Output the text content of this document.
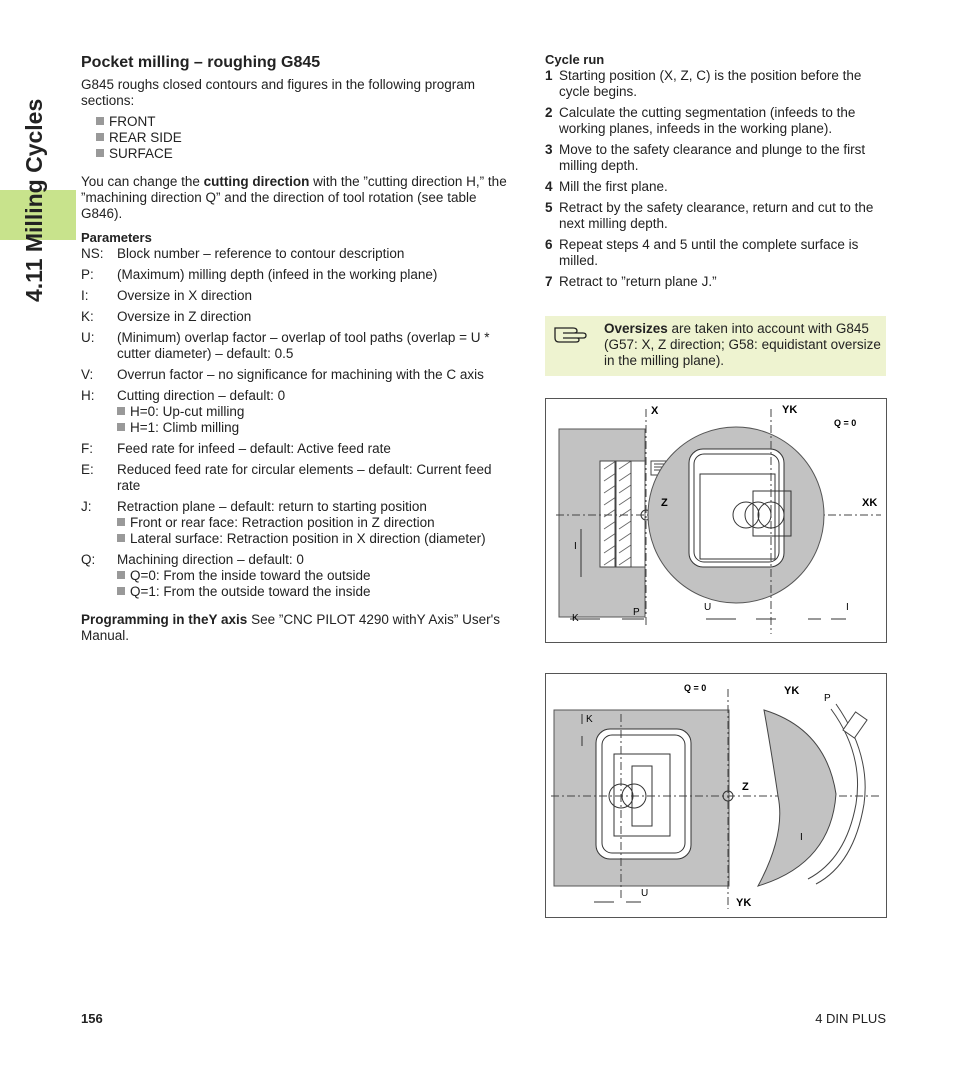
4.11 Milling Cycles
Pocket milling – roughing G845

G845 roughs closed contours and figures in the following program sections:

FRONT
REAR SIDE
SURFACE

You can change the cutting direction with the ”cutting direction H,” the ”machining direction Q” and the direction of tool rotation (see table G846).

Parameters
NS: Block number – reference to contour description
P:	(Maximum) milling depth (infeed in the working plane)
I:	Oversize in X direction
K:	Oversize in Z direction
U:	(Minimum) overlap factor – overlap of tool paths (overlap = U * cutter diameter) – default: 0.5
V:	Overrun factor – no significance for machining with the C axis
H:	Cutting direction – default: 0
H=0: Up-cut milling
H=1: Climb milling
F:	Feed rate for infeed – default: Active feed rate
E:	Reduced feed rate for circular elements – default: Current feed rate
J:	Retraction plane – default: return to starting position
Front or rear face: Retraction position in Z direction
Lateral surface: Retraction position in X direction (diameter)
Q:	Machining direction – default: 0
Q=0: From the inside toward the outside
Q=1: From the outside toward the inside

Programming in theY axis See ”CNC PILOT 4290 withY Axis” User's Manual.

Cycle run
1 Starting position (X, Z, C) is the position before the cycle begins.
2 Calculate the cutting segmentation (infeeds to the working planes, infeeds in the working plane).
3 Move to the safety clearance and plunge to the first milling depth.
4 Mill the first plane.
5 Retract by the safety clearance, return and cut to the next milling depth.
6 Repeat steps 4 and 5 until the complete surface is milled.
7 Retract to ”return plane J.”

Oversizes are taken into account with G845 (G57: X, Z direction; G58: equidistant oversize in the milling plane).

X	YK
Q = 0
Z	XK
I
K
P	U	I
Q = 0	YK
P
K
Z
I
U
YK
156	4 DIN PLUS
